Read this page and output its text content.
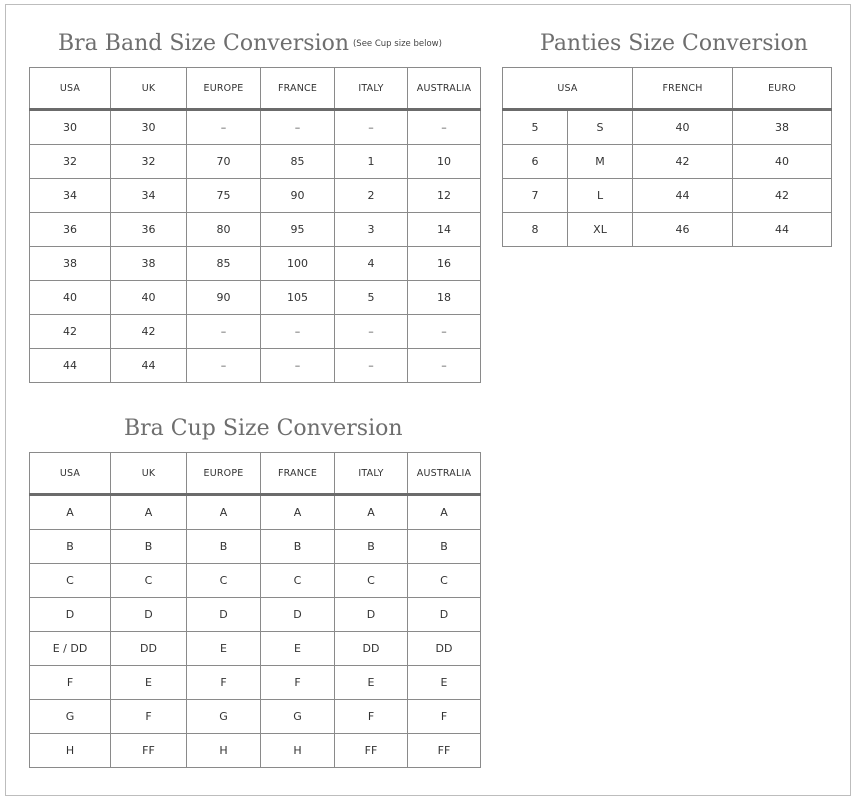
Bra Band Size Conversion (See Cup size below)
USA	UK	EUROPE	FRANCE	ITALY	AUSTRALIA
30	30	–	–	–	–
32	32	70	85	1	10
34	34	75	90	2	12
36	36	80	95	3	14
38	38	85	100	4	16
40	40	90	105	5	18
42	42	–	–	–	–
44	44	–	–	–	–
Panties Size Conversion
USA		FRENCH	EURO
5	S	40	38
6	M	42	40
7	L	44	42
8	XL	46	44
Bra Cup Size Conversion
USA	UK	EUROPE	FRANCE	ITALY	AUSTRALIA
A	A	A	A	A	A
B	B	B	B	B	B
C	C	C	C	C	C
D	D	D	D	D	D
E / DD	DD	E	E	DD	DD
F	E	F	F	E	E
G	F	G	G	F	F
H	FF	H	H	FF	FF
